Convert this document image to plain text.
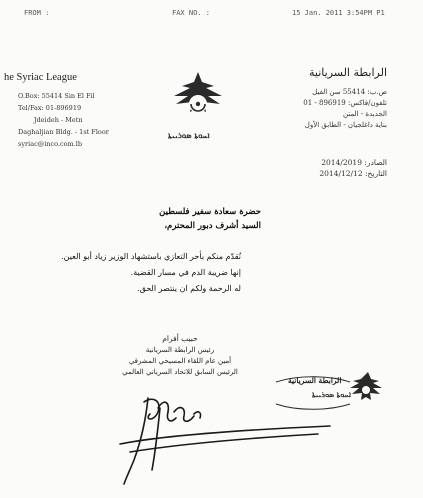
FROM :	FAX NO. :	15 Jan. 2011 3:54PM P1
he Syriac League
O.Box: 55414 Sin El Fil
Tel/Fax: 01-896919
Jdeideh - Metn
Daghaljian Bldg. - 1st Floor
syriac@inco.com.lb
ܐܚܘܬܐ ܣܘܪܝܝܬܐ
الرابطة السريانية
ص.ب: 55414 سن الفيل
تلفون/فاكس: 896919 - 01
الجديدة - المتن
بناية داغلجيان - الطابق الأول
الصادر: 2014/2019
التاريخ: 2014/12/12
حضرة سعادة سفير فلسطين
السيد أشرف دبور المحترم،
نُقدّم منكم بأحر التعازي باستشهاد الوزير زياد أبو العين.
إنها ضريبة الدم في مسار القضية.
له الرحمة ولكم ان ينتصر الحق.
حبيب أفرام
رئيس الرابطة السريانية
أمين عام اللقاء المسيحي المشرقي
الرئيس السابق للاتحاد السرياني العالمي
الرابطة السريانية
ܐܚܘܬܐ ܣܘܪܝܝܬܐ
